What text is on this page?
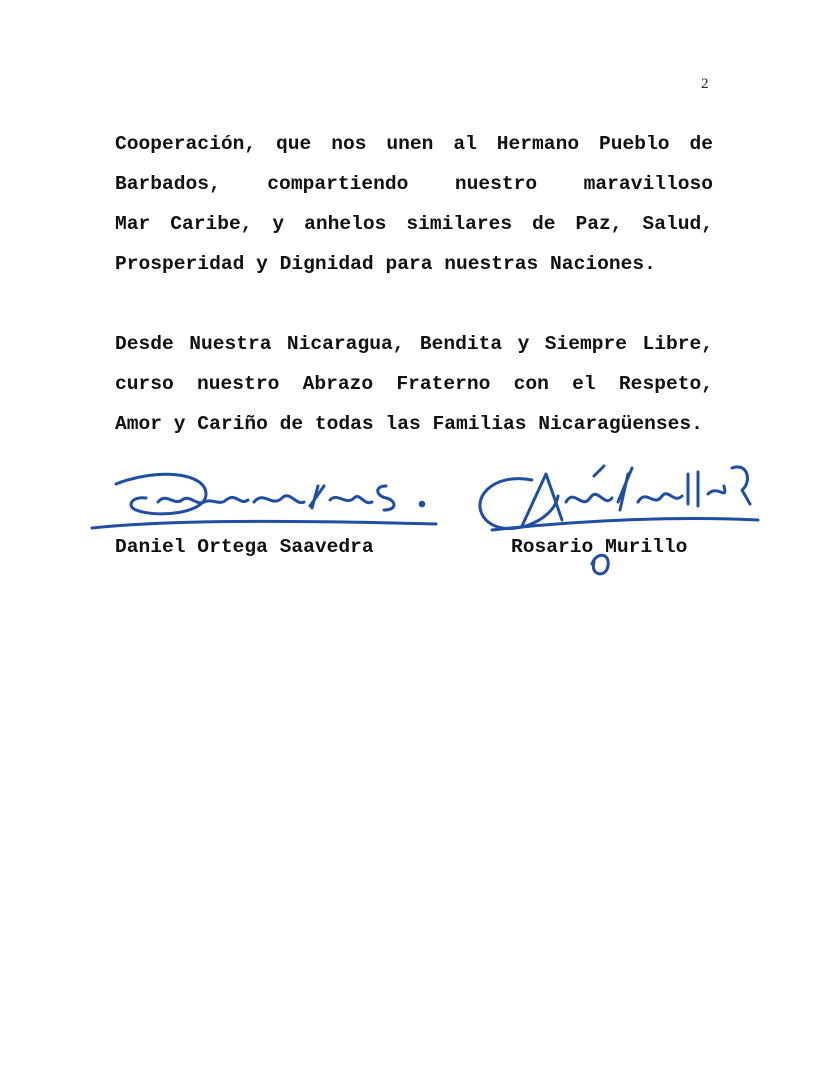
2
Cooperación, que nos unen al Hermano Pueblo de
Barbados, compartiendo nuestro maravilloso
Mar Caribe, y anhelos similares de Paz, Salud,
Prosperidad y Dignidad para nuestras Naciones.
Desde Nuestra Nicaragua, Bendita y Siempre Libre,
curso nuestro Abrazo Fraterno con el Respeto,
Amor y Cariño de todas las Familias Nicaragüenses.
Daniel Ortega Saavedra	Rosario Murillo
